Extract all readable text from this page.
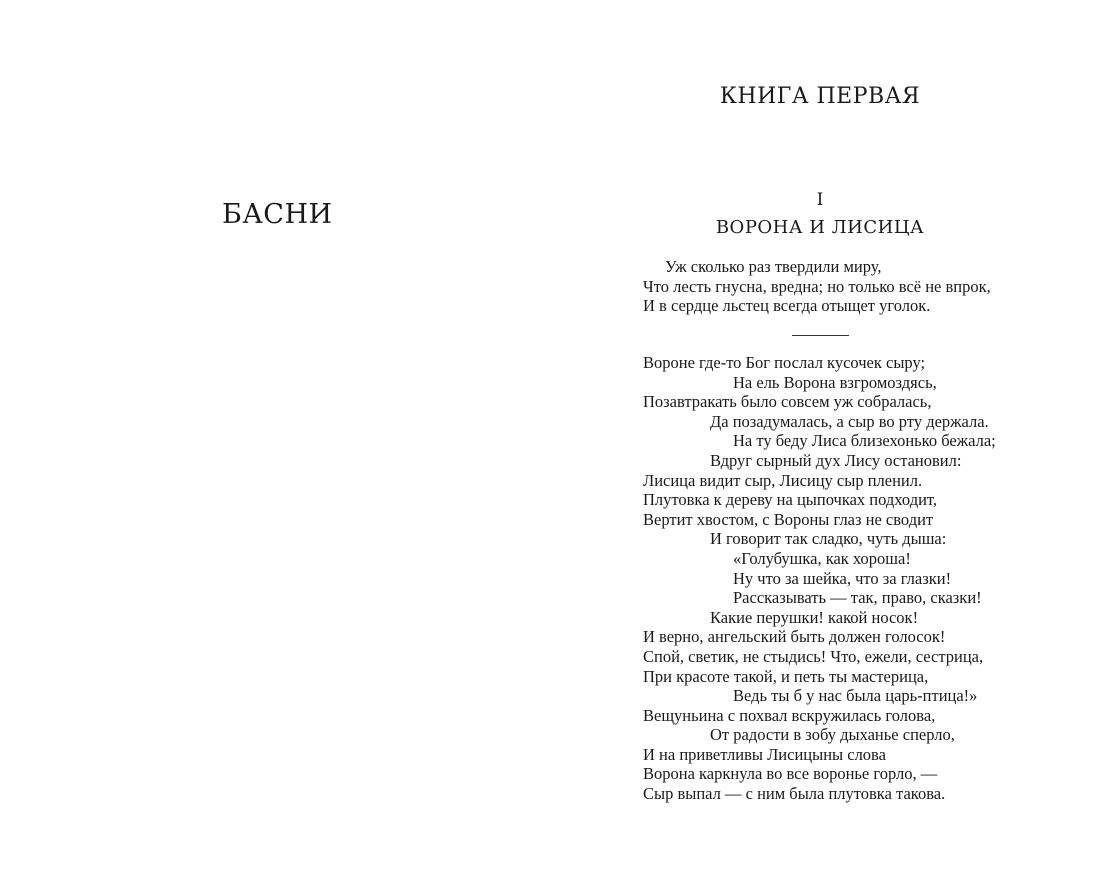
БАСНИ
КНИГА ПЕРВАЯ
I
ВОРОНА И ЛИСИЦА
Уж сколько раз твердили миру,
Что лесть гнусна, вредна; но только всё не впрок,
И в сердце льстец всегда отыщет уголок.
Вороне где-то Бог послал кусочек сыру;
На ель Ворона взгромоздясь,
Позавтракать было совсем уж собралась,
Да позадумалась, а сыр во рту держала.
На ту беду Лиса близехонько бежала;
Вдруг сырный дух Лису остановил:
Лисица видит сыр, Лисицу сыр пленил.
Плутовка к дереву на цыпочках подходит,
Вертит хвостом, с Вороны глаз не сводит
И говорит так сладко, чуть дыша:
«Голубушка, как хороша!
Ну что за шейка, что за глазки!
Рассказывать — так, право, сказки!
Какие перушки! какой носок!
И верно, ангельский быть должен голосок!
Спой, светик, не стыдись! Что, ежели, сестрица,
При красоте такой, и петь ты мастерица,
Ведь ты б у нас была царь-птица!»
Вещуньина с похвал вскружилась голова,
От радости в зобу дыханье сперло,
И на приветливы Лисицыны слова
Ворона каркнула во все воронье горло, —
Сыр выпал — с ним была плутовка такова.
